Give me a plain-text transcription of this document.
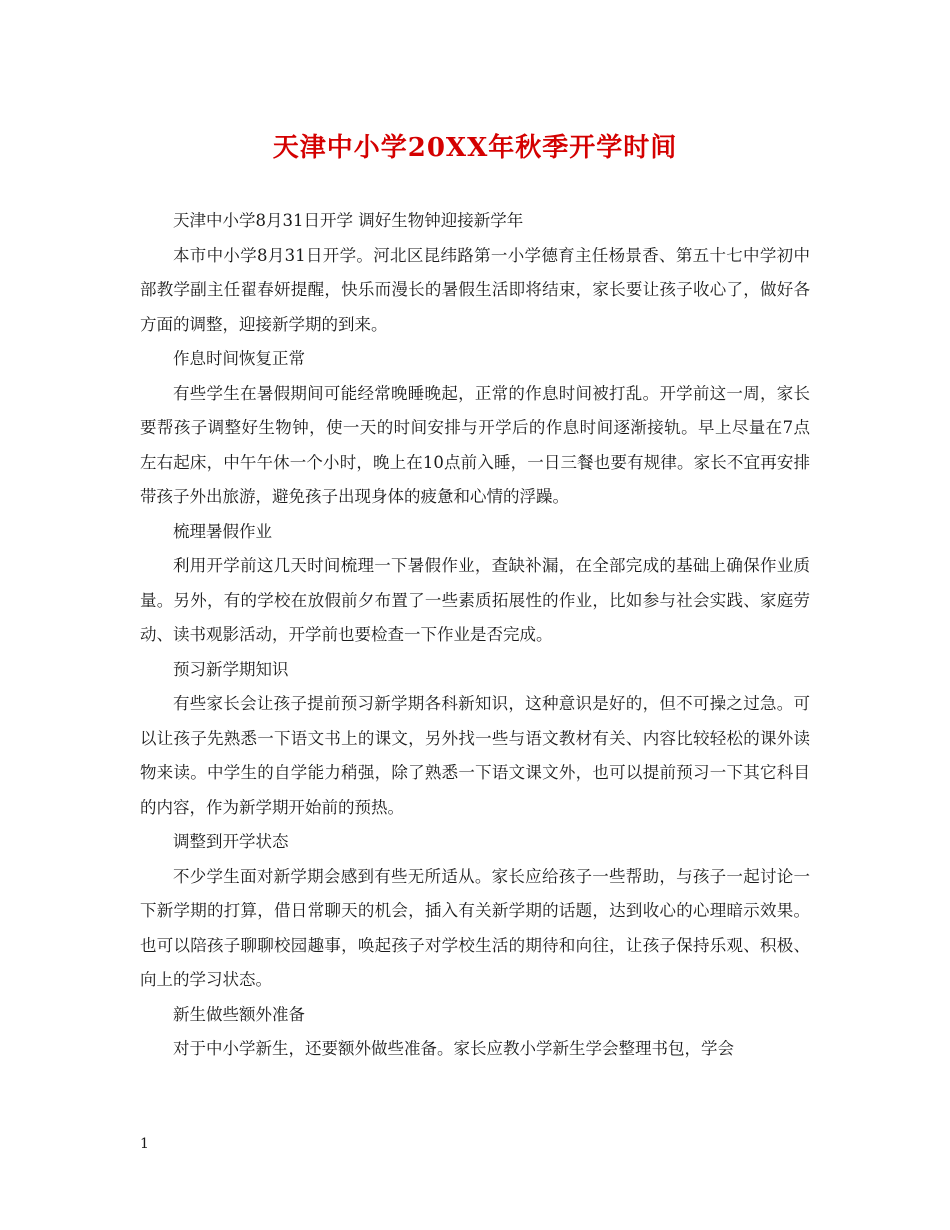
天津中小学20XX年秋季开学时间

天津中小学8月31日开学 调好生物钟迎接新学年

本市中小学8月31日开学。河北区昆纬路第一小学德育主任杨景香、第五十七中学初中部教学副主任翟春妍提醒，快乐而漫长的暑假生活即将结束，家长要让孩子收心了，做好各方面的调整，迎接新学期的到来。

作息时间恢复正常

有些学生在暑假期间可能经常晚睡晚起，正常的作息时间被打乱。开学前这一周，家长要帮孩子调整好生物钟，使一天的时间安排与开学后的作息时间逐渐接轨。早上尽量在7点左右起床，中午午休一个小时，晚上在10点前入睡，一日三餐也要有规律。家长不宜再安排带孩子外出旅游，避免孩子出现身体的疲惫和心情的浮躁。

梳理暑假作业

利用开学前这几天时间梳理一下暑假作业，查缺补漏，在全部完成的基础上确保作业质量。另外，有的学校在放假前夕布置了一些素质拓展性的作业，比如参与社会实践、家庭劳动、读书观影活动，开学前也要检查一下作业是否完成。

预习新学期知识

有些家长会让孩子提前预习新学期各科新知识，这种意识是好的，但不可操之过急。可以让孩子先熟悉一下语文书上的课文，另外找一些与语文教材有关、内容比较轻松的课外读物来读。中学生的自学能力稍强，除了熟悉一下语文课文外，也可以提前预习一下其它科目的内容，作为新学期开始前的预热。

调整到开学状态

不少学生面对新学期会感到有些无所适从。家长应给孩子一些帮助，与孩子一起讨论一下新学期的打算，借日常聊天的机会，插入有关新学期的话题，达到收心的心理暗示效果。也可以陪孩子聊聊校园趣事，唤起孩子对学校生活的期待和向往，让孩子保持乐观、积极、向上的学习状态。

新生做些额外准备

对于中小学新生，还要额外做些准备。家长应教小学新生学会整理书包，学会

1
